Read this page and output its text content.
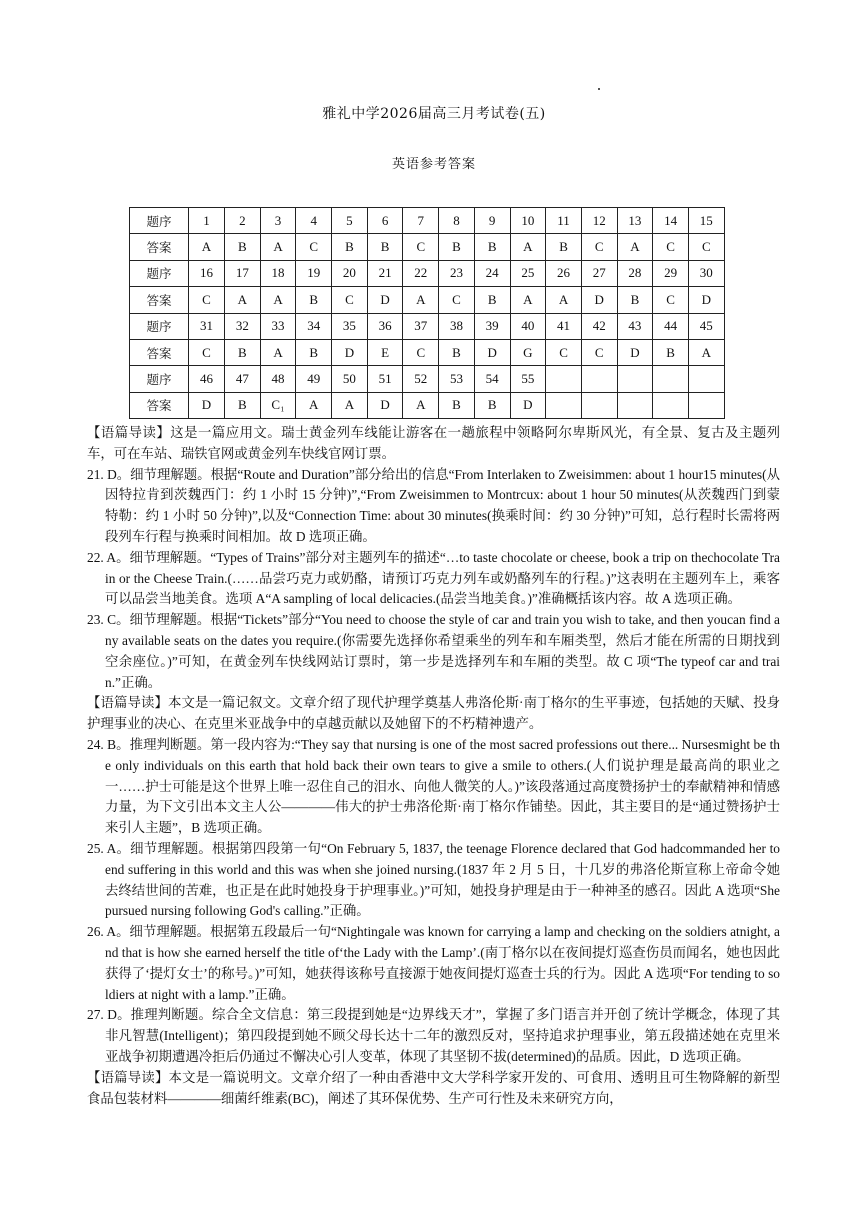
雅礼中学2026届高三月考试卷(五)
英语参考答案
题序	1	2	3	4	5	6	7	8	9	10	11	12	13	14	15
答案	A	B	A	C	B	B	C	B	B	A	B	C	A	C	C
题序	16	17	18	19	20	21	22	23	24	25	26	27	28	29	30
答案	C	A	A	B	C	D	A	C	B	A	A	D	B	C	D
题序	31	32	33	34	35	36	37	38	39	40	41	42	43	44	45
答案	C	B	A	B	D	E	C	B	D	G	C	C	D	B	A
题序	46	47	48	49	50	51	52	53	54	55					
答案	D	B	C₁	A	A	D	A	B	B	D					

【语篇导读】这是一篇应用文。瑞士黄金列车线能让游客在一趟旅程中领略阿尔卑斯风光，有全景、复古及主题列车，可在车站、瑞铁官网或黄金列车快线官网订票。

21. D。细节理解题。根据“Route and Duration”部分给出的信息“From Interlaken to Zweisimmen: about 1 hour15 minutes(从因特拉肯到茨魏西门：约 1 小时 15 分钟)”,“From Zweisimmen to Montrcux: about 1 hour 50 minutes(从茨魏西门到蒙特勒：约 1 小时 50 分钟)”,以及“Connection Time: about 30 minutes(换乘时间：约 30 分钟)”可知，总行程时长需将两段列车行程与换乘时间相加。故 D 选项正确。

22. A。细节理解题。“Types of Trains”部分对主题列车的描述“…to taste chocolate or cheese, book a trip on thechocolate Train or the Cheese Train.(……品尝巧克力或奶酪，请预订巧克力列车或奶酪列车的行程。)”这表明在主题列车上，乘客可以品尝当地美食。选项 A“A sampling of local delicacies.(品尝当地美食。)”准确概括该内容。故 A 选项正确。

23. C。细节理解题。根据“Tickets”部分“You need to choose the style of car and train you wish to take, and then youcan find any available seats on the dates you require.(你需要先选择你希望乘坐的列车和车厢类型，然后才能在所需的日期找到空余座位。)”可知，在黄金列车快线网站订票时，第一步是选择列车和车厢的类型。故 C 项“The typeof car and train.”正确。

【语篇导读】本文是一篇记叙文。文章介绍了现代护理学奠基人弗洛伦斯·南丁格尔的生平事迹，包括她的天赋、投身护理事业的决心、在克里米亚战争中的卓越贡献以及她留下的不朽精神遗产。

24. B。推理判断题。第一段内容为:“They say that nursing is one of the most sacred professions out there... Nursesmight be the only individuals on this earth that hold back their own tears to give a smile to others.(人们说护理是最高尚的职业之一……护士可能是这个世界上唯一忍住自己的泪水、向他人微笑的人。)”该段落通过高度赞扬护士的奉献精神和情感力量，为下文引出本文主人公————伟大的护士弗洛伦斯·南丁格尔作铺垫。因此，其主要目的是“通过赞扬护士来引人主题”，B 选项正确。

25. A。细节理解题。根据第四段第一句“On February 5, 1837, the teenage Florence declared that God hadcommanded her to end suffering in this world and this was when she joined nursing.(1837 年 2 月 5 日，十几岁的弗洛伦斯宣称上帝命令她去终结世间的苦难，也正是在此时她投身于护理事业。)”可知，她投身护理是由于一种神圣的感召。因此 A 选项“She pursued nursing following God's calling.”正确。

26. A。细节理解题。根据第五段最后一句“Nightingale was known for carrying a lamp and checking on the soldiers atnight, and that is how she earned herself the title of‘the Lady with the Lamp’.(南丁格尔以在夜间提灯巡查伤员而闻名，她也因此获得了‘提灯女士’的称号。)”可知，她获得该称号直接源于她夜间提灯巡查士兵的行为。因此 A 选项“For tending to soldiers at night with a lamp.”正确。

27. D。推理判断题。综合全文信息：第三段提到她是“边界线天才”，掌握了多门语言并开创了统计学概念，体现了其非凡智慧(Intelligent)；第四段提到她不顾父母长达十二年的激烈反对，坚持追求护理事业，第五段描述她在克里米亚战争初期遭遇冷拒后仍通过不懈决心引人变革，体现了其坚韧不拔(determined)的品质。因此，D 选项正确。

【语篇导读】本文是一篇说明文。文章介绍了一种由香港中文大学科学家开发的、可食用、透明且可生物降解的新型食品包装材料————细菌纤维素(BC)，阐述了其环保优势、生产可行性及未来研究方向，
